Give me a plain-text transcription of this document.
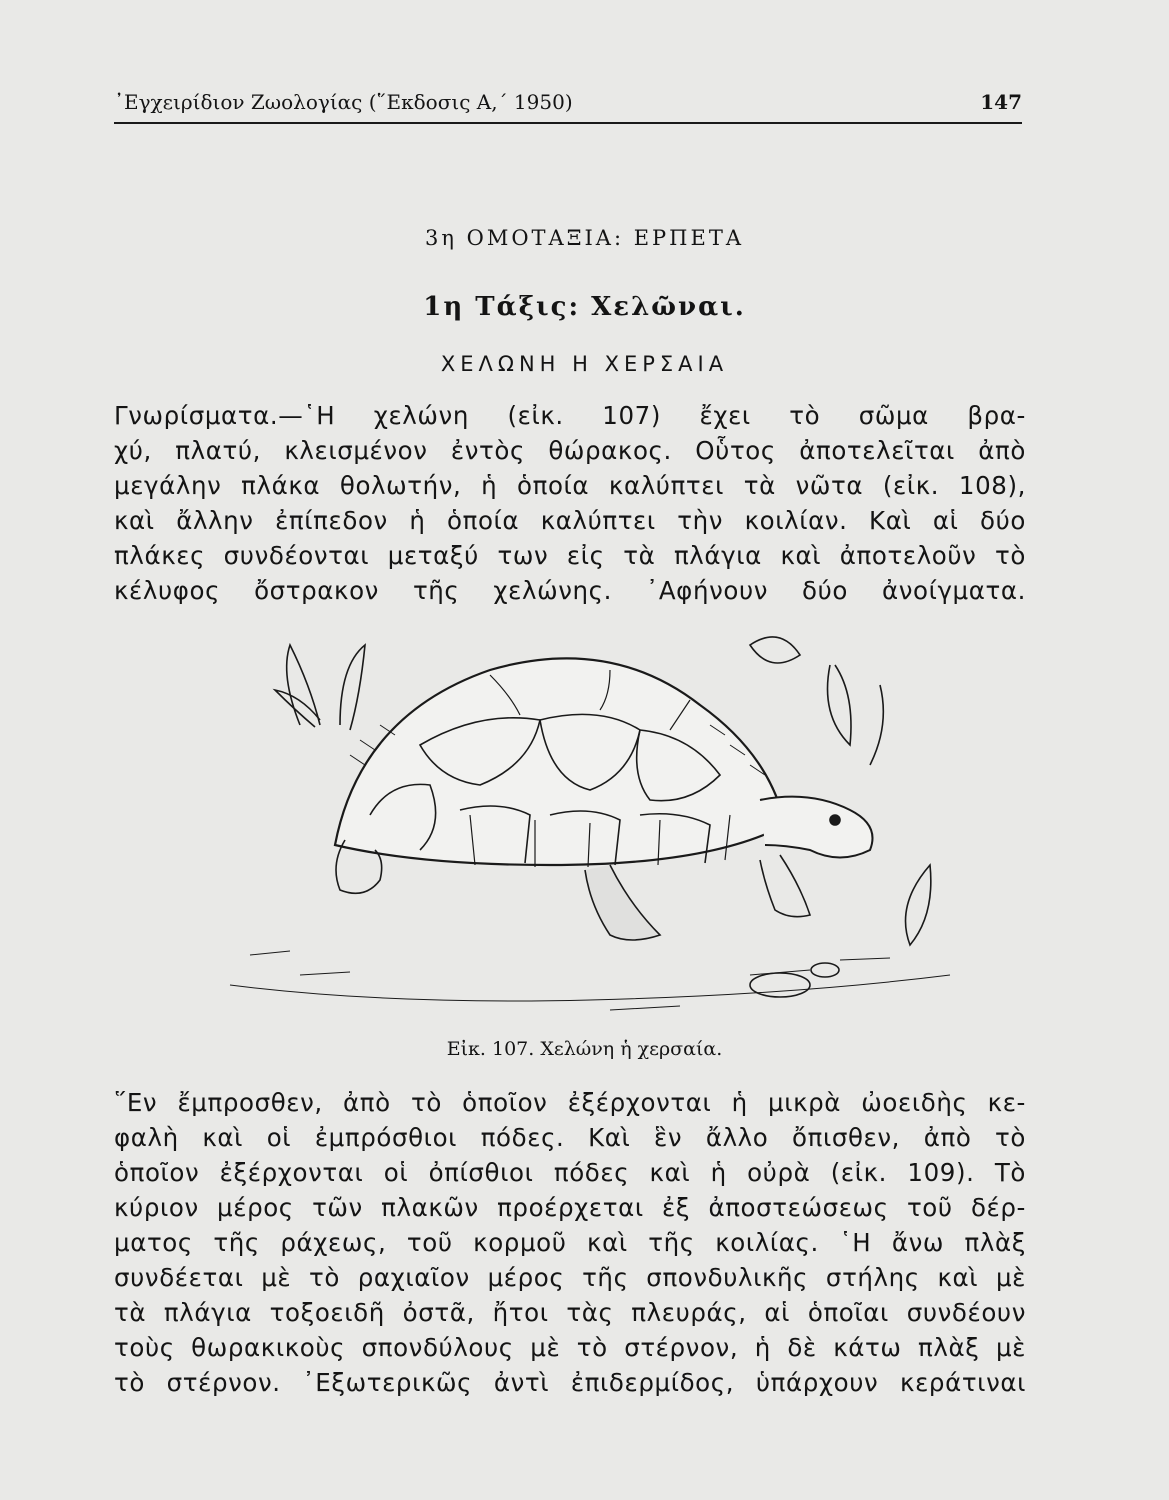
᾿Εγχειρίδιον Ζωολογίας (῞Εκδοσις Α,΄ 1950)	147
3η ΟΜΟΤΑΞΙΑ: ΕΡΠΕΤΑ
1η Τάξις: Χελῶναι.
ΧΕΛΩΝΗ Η ΧΕΡΣΑΙΑ
Γνωρίσματα.—῾Η χελώνη (εἰκ. 107) ἔχει τὸ σῶμα βρα-
χύ, πλατύ, κλεισμένον ἐντὸς θώρακος. Οὗτος ἀποτελεῖται ἀπὸ
μεγάλην πλάκα θολωτήν, ἡ ὁποία καλύπτει τὰ νῶτα (εἰκ. 108),
καὶ ἄλλην ἐπίπεδον ἡ ὁποία καλύπτει τὴν κοιλίαν. Καὶ αἱ δύο
πλάκες συνδέονται μεταξύ των εἰς τὰ πλάγια καὶ ἀποτελοῦν τὸ
κέλυφος ὄστρακον τῆς χελώνης. ᾿Αφήνουν δύο ἀνοίγματα.
Εἰκ. 107. Χελώνη ἡ χερσαία.
῞Εν ἔμπροσθεν, ἀπὸ τὸ ὁποῖον ἐξέρχονται ἡ μικρὰ ὠοειδὴς κε-
φαλὴ καὶ οἱ ἐμπρόσθιοι πόδες. Καὶ ἓν ἄλλο ὄπισθεν, ἀπὸ τὸ
ὁποῖον ἐξέρχονται οἱ ὀπίσθιοι πόδες καὶ ἡ οὐρὰ (εἰκ. 109). Τὸ
κύριον μέρος τῶν πλακῶν προέρχεται ἐξ ἀποστεώσεως τοῦ δέρ-
ματος τῆς ράχεως, τοῦ κορμοῦ καὶ τῆς κοιλίας. ῾Η ἄνω πλὰξ
συνδέεται μὲ τὸ ραχιαῖον μέρος τῆς σπονδυλικῆς στήλης καὶ μὲ
τὰ πλάγια τοξοειδῆ ὀστᾶ, ἤτοι τὰς πλευράς, αἱ ὁποῖαι συνδέουν
τοὺς θωρακικοὺς σπονδύλους μὲ τὸ στέρνον, ἡ δὲ κάτω πλὰξ μὲ
τὸ στέρνον. ᾿Εξωτερικῶς ἀντὶ ἐπιδερμίδος, ὑπάρχουν κεράτιναι
